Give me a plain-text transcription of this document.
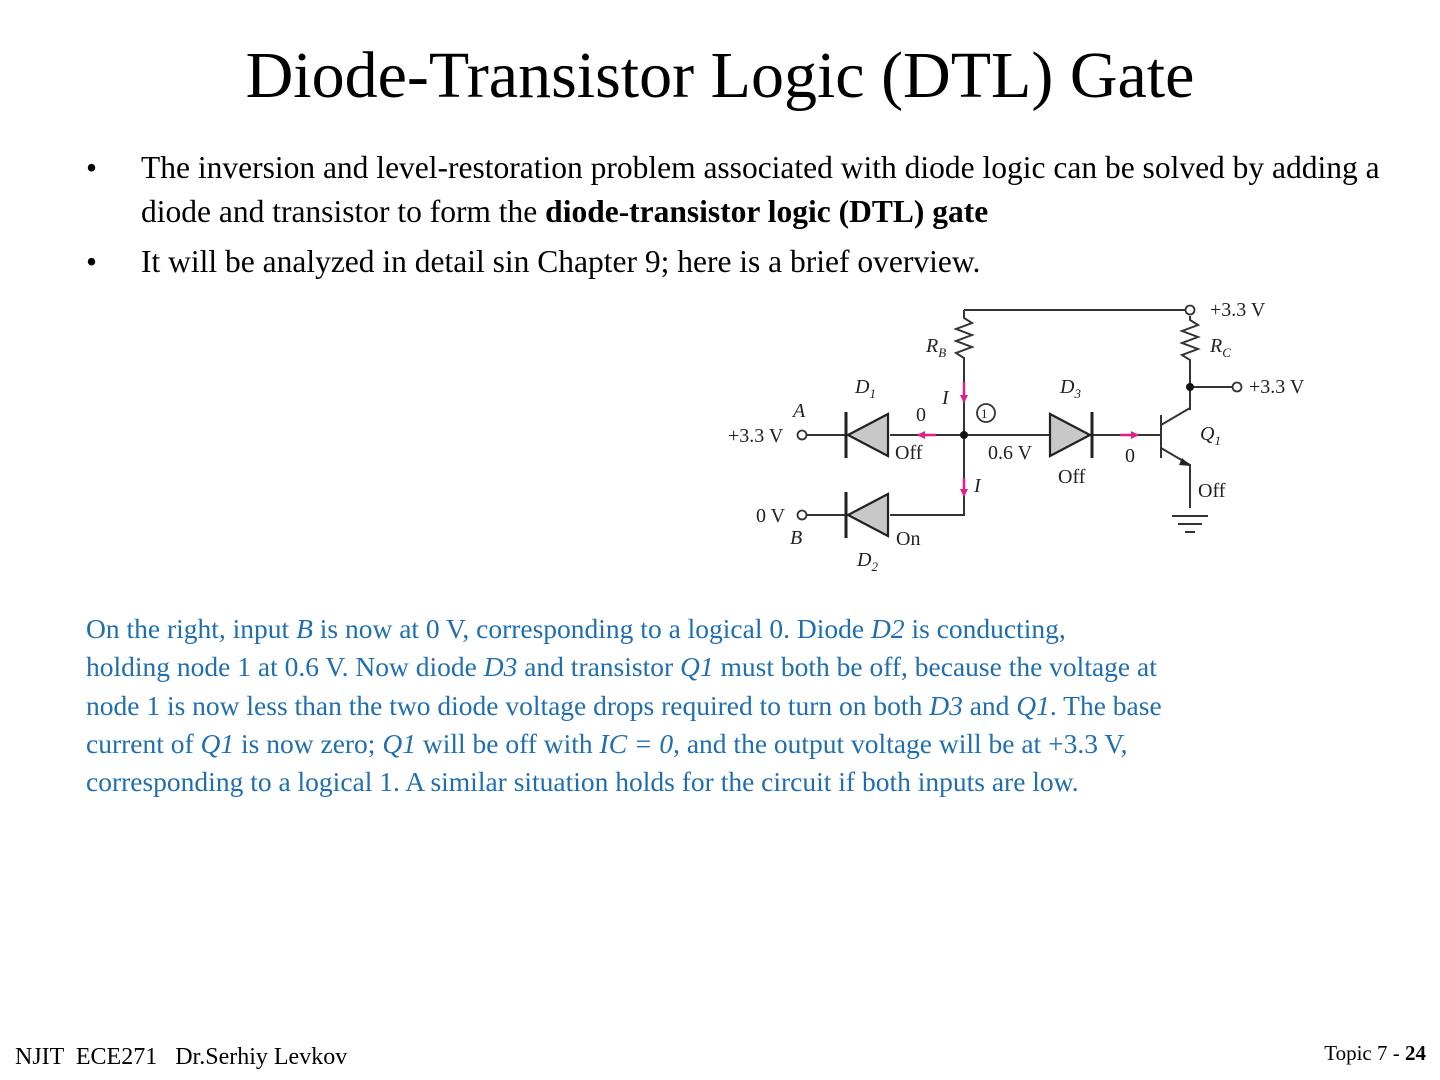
Diode-Transistor Logic (DTL) Gate
• The inversion and level-restoration problem associated with diode logic can be solved by adding a diode and transistor to form the diode-transistor logic (DTL) gate
• It will be analyzed in detail sin Chapter 9; here is a brief overview.
+3.3 V
+3.3 V
$R_B$	$R_C$
$D_1$
$D_2$
$D_3$
$Q_1$
A
+3.3 V
0 V
B
I
I
1
0.6 V
0
Off
On
Off
0
Off
On the right, input B is now at 0 V, corresponding to a logical 0. Diode D2 is conducting,
holding node 1 at 0.6 V. Now diode D3 and transistor Q1 must both be off, because the voltage at
node 1 is now less than the two diode voltage drops required to turn on both D3 and Q1. The base
current of Q1 is now zero; Q1 will be off with IC = 0, and the output voltage will be at +3.3 V,
corresponding to a logical 1. A similar situation holds for the circuit if both inputs are low.
NJIT  ECE271   Dr.Serhiy Levkov	Topic 7 - 24
